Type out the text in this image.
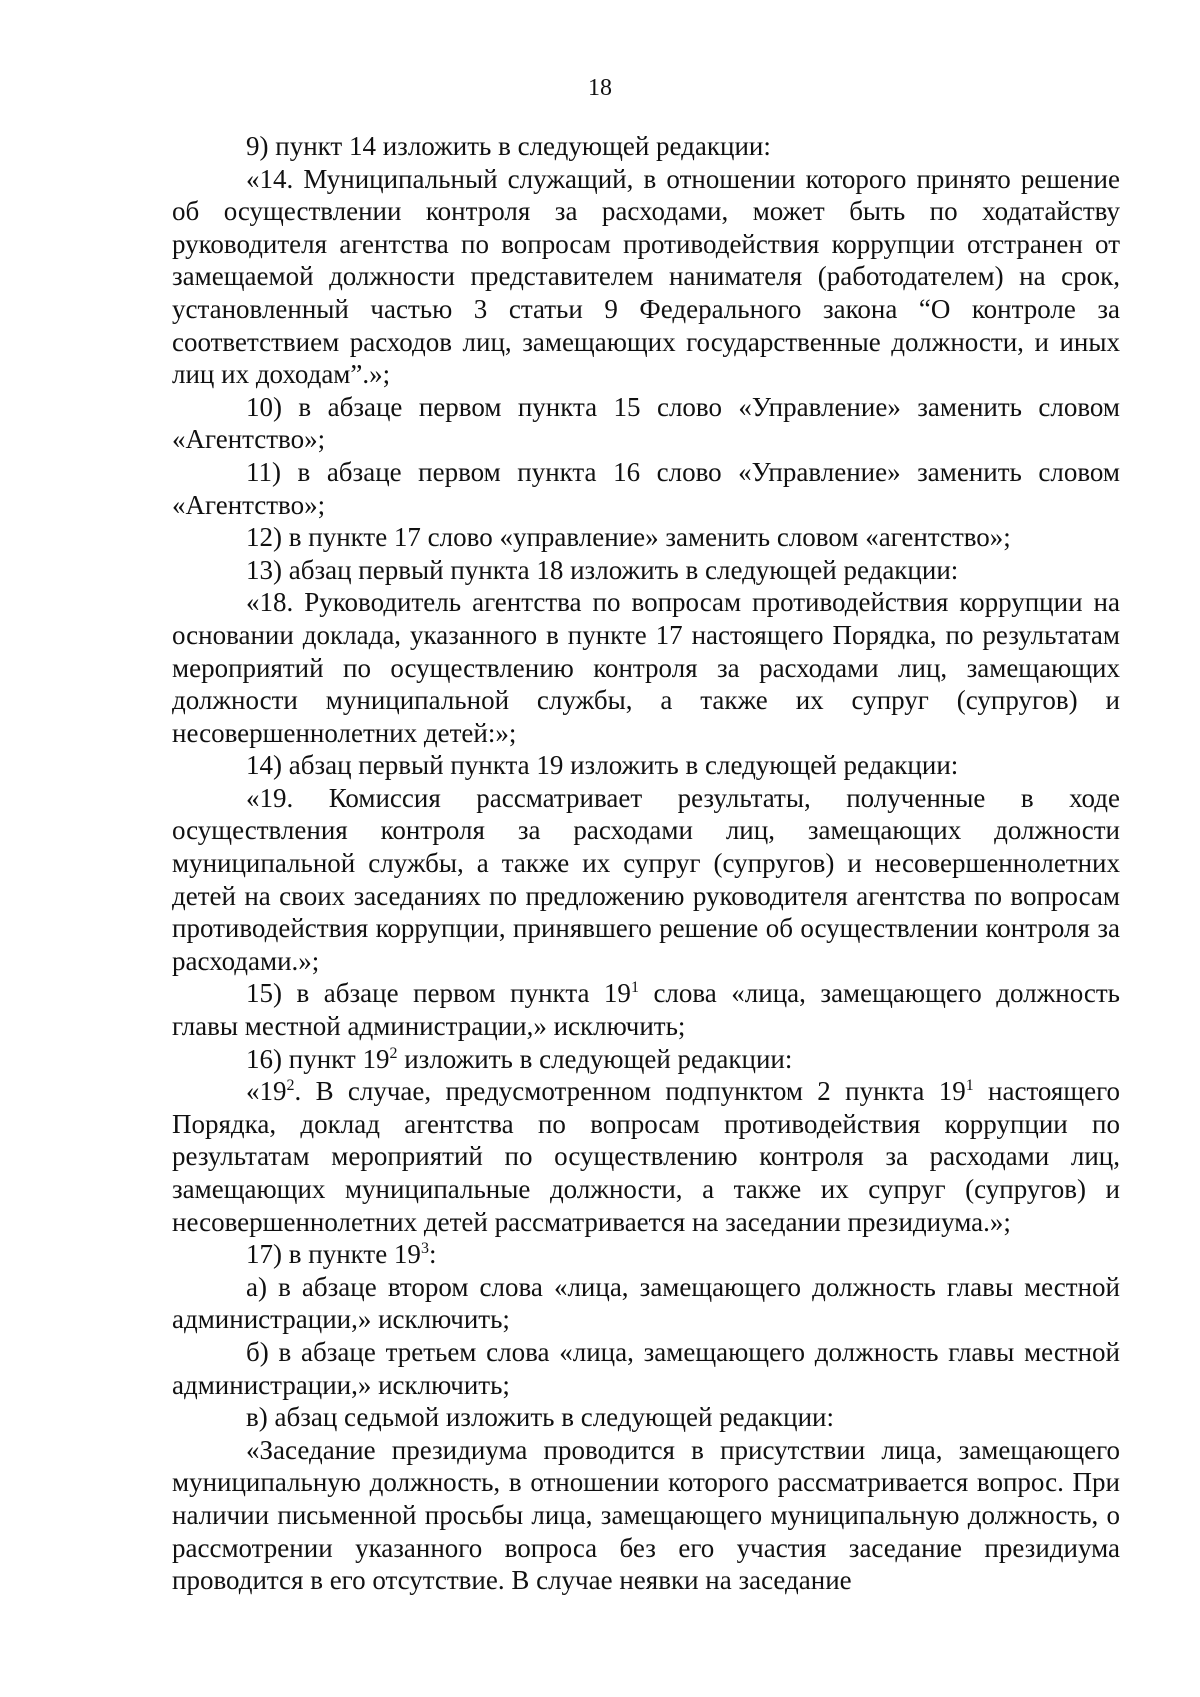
18

9) пункт 14 изложить в следующей редакции:

«14. Муниципальный служащий, в отношении которого принято решение об осуществлении контроля за расходами, может быть по ходатайству руководителя агентства по вопросам противодействия коррупции отстранен от замещаемой должности представителем нанимателя (работодателем) на срок, установленный частью 3 статьи 9 Федерального закона “О контроле за соответствием расходов лиц, замещающих государственные должности, и иных лиц их доходам”.»;

10) в абзаце первом пункта 15 слово «Управление» заменить словом «Агентство»;

11) в абзаце первом пункта 16 слово «Управление» заменить словом «Агентство»;

12) в пункте 17 слово «управление» заменить словом «агентство»;

13) абзац первый пункта 18 изложить в следующей редакции:

«18. Руководитель агентства по вопросам противодействия коррупции на основании доклада, указанного в пункте 17 настоящего Порядка, по результатам мероприятий по осуществлению контроля за расходами лиц, замещающих должности муниципальной службы, а также их супруг (супругов) и несовершеннолетних детей:»;

14) абзац первый пункта 19 изложить в следующей редакции:

«19. Комиссия рассматривает результаты, полученные в ходе осуществления контроля за расходами лиц, замещающих должности муниципальной службы, а также их супруг (супругов) и несовершеннолетних детей на своих заседаниях по предложению руководителя агентства по вопросам противодействия коррупции, принявшего решение об осуществлении контроля за расходами.»;

15) в абзаце первом пункта $19^1$ слова «лица, замещающего должность главы местной администрации,» исключить;

16) пункт $19^2$ изложить в следующей редакции:

«$19^2$. В случае, предусмотренном подпунктом 2 пункта $19^1$ настоящего Порядка, доклад агентства по вопросам противодействия коррупции по результатам мероприятий по осуществлению контроля за расходами лиц, замещающих муниципальные должности, а также их супруг (супругов) и несовершеннолетних детей рассматривается на заседании президиума.»;

17) в пункте $19^3$:

а) в абзаце втором слова «лица, замещающего должность главы местной администрации,» исключить;

б) в абзаце третьем слова «лица, замещающего должность главы местной администрации,» исключить;

в) абзац седьмой изложить в следующей редакции:

«Заседание президиума проводится в присутствии лица, замещающего муниципальную должность, в отношении которого рассматривается вопрос. При наличии письменной просьбы лица, замещающего муниципальную должность, о рассмотрении указанного вопроса без его участия заседание президиума проводится в его отсутствие. В случае неявки на заседание
